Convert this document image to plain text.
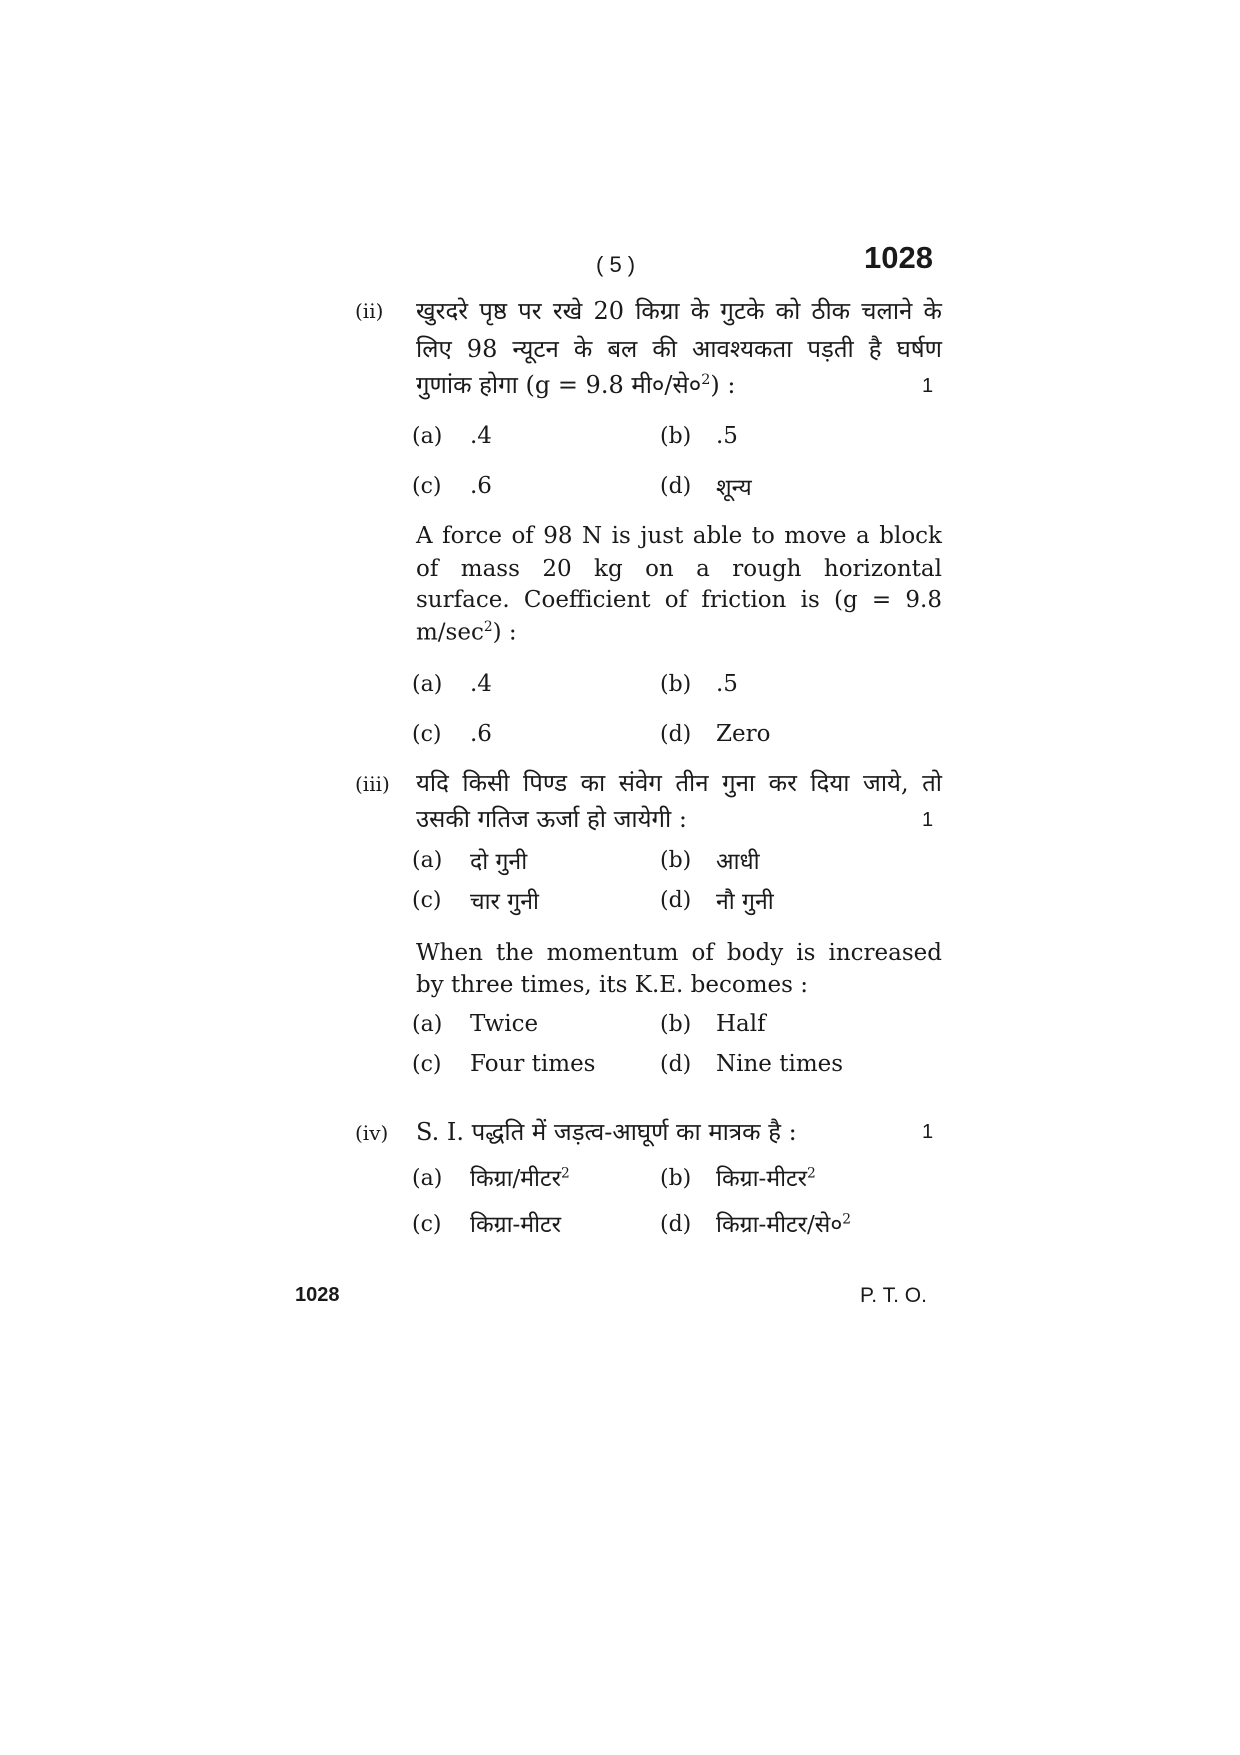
( 5 )	1028
(ii) खुरदरे पृष्ठ पर रखे 20 किग्रा के गुटके को ठीक चलाने के
लिए 98 न्यूटन के बल की आवश्यकता पड़ती है घर्षण
गुणांक होगा (g = 9.8 $मी०/से०^2$) :	1
(a) .4	(b) .5
(c) .6	(d) शून्य
A force of 98 N is just able to move a block
of mass 20 kg on a rough horizontal
surface. Coefficient of friction is (g = 9.8
$m/\sec^2$) :
(a) .4	(b) .5
(c) .6	(d) Zero
(iii) यदि किसी पिण्ड का संवेग तीन गुना कर दिया जाये, तो
उसकी गतिज ऊर्जा हो जायेगी :	1
(a) दो गुनी	(b) आधी
(c) चार गुनी	(d) नौ गुनी
When the momentum of body is increased
by three times, its K.E. becomes :
(a) Twice	(b) Half
(c) Four times	(d) Nine times
(iv) S. I. पद्धति में जड़त्व-आघूर्ण का मात्रक है :	1
(a) किग्रा/मीटर$^2$	(b) किग्रा-मीटर$^2$
(c) किग्रा-मीटर	(d) $किग्रा-मीटर/से०^2$
1028	P. T. O.
